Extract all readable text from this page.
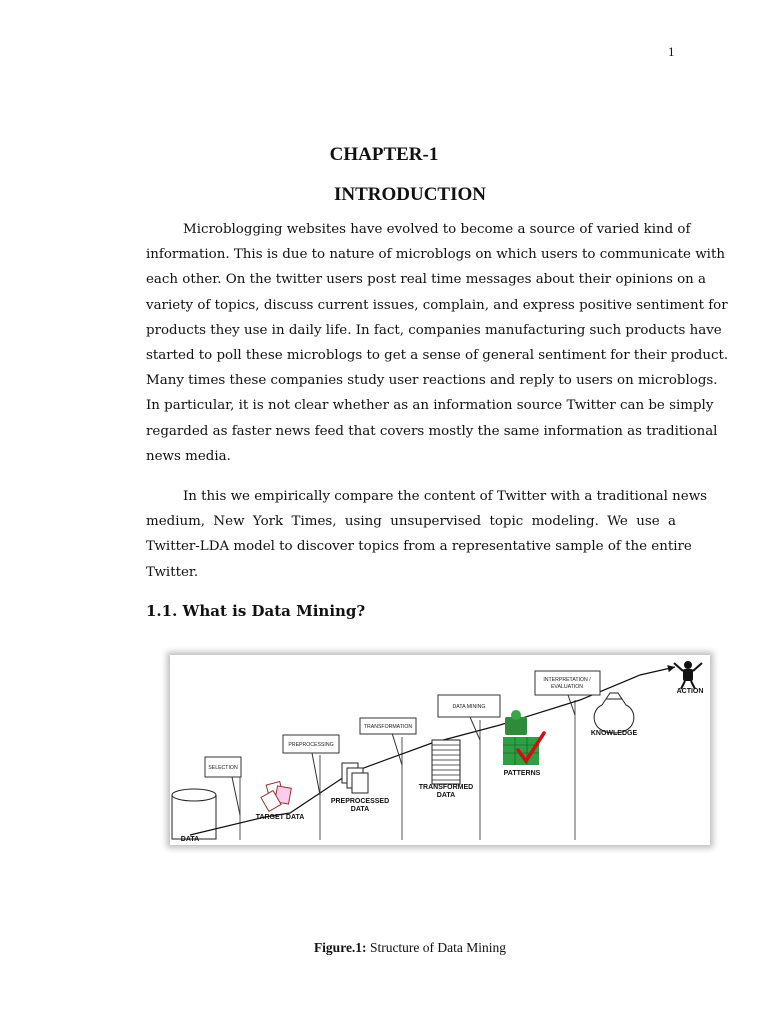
1
CHAPTER-1
INTRODUCTION

Microblogging websites have evolved to become a source of varied kind of
information. This is due to nature of microblogs on which users to communicate with
each other. On the twitter users post real time messages about their opinions on a
variety of topics, discuss current issues, complain, and express positive sentiment for
products they use in daily life. In fact, companies manufacturing such products have
started to poll these microblogs to get a sense of general sentiment for their product.
Many times these companies study user reactions and reply to users on microblogs.
In particular, it is not clear whether as an information source Twitter can be simply
regarded as faster news feed that covers mostly the same information as traditional
news media.

In this we empirically compare the content of Twitter with a traditional news
medium, New York Times, using unsupervised topic modeling. We use a
Twitter-LDA model to discover topics from a representative sample of the entire
Twitter.

1.1. What is Data Mining?
SELECTION
PREPROCESSING
TRANSFORMATION
DATA MINING
INTERPRETATION /
EVALUATION
DATA
TARGET DATA
PREPROCESSED
DATA
TRANSFORMED
DATA
PATTERNS
KNOWLEDGE
ACTION
Figure.1: Structure of Data Mining
